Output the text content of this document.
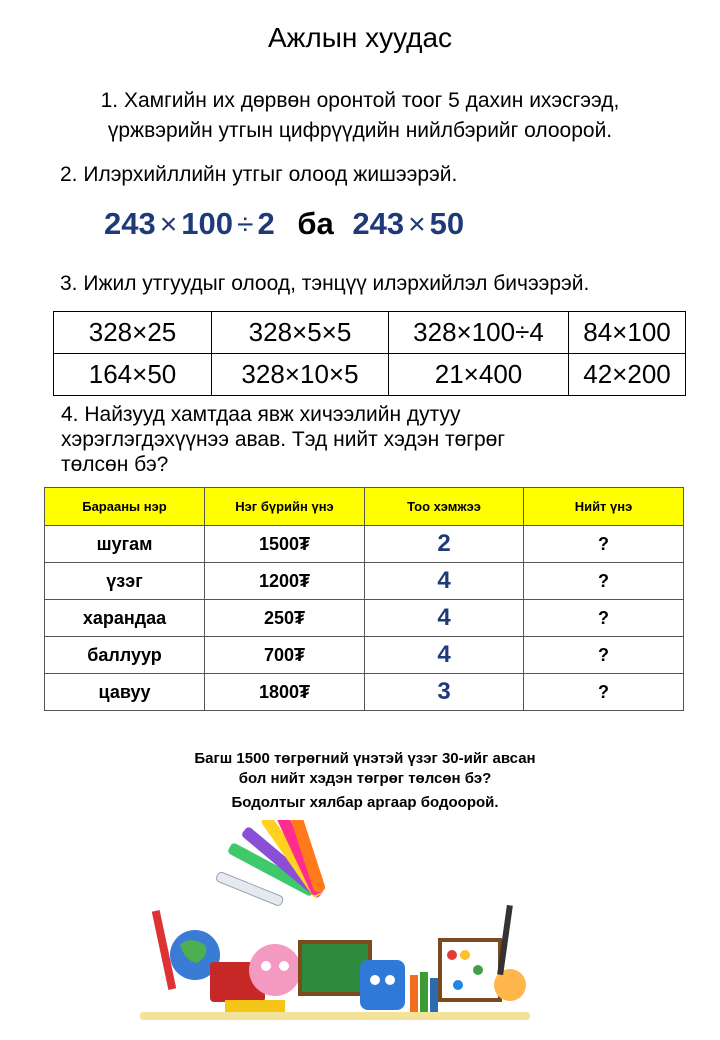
Ажлын хуудас
1. Хамгийн их дөрвөн оронтой тоог 5 дахин ихэсгээд,
үржвэрийн утгын цифрүүдийн нийлбэрийг олоорой.
2. Илэрхийллийн утгыг олоод жишээрэй.
243 × 100 ÷ 2 ба 243 × 50
3. Ижил утгуудыг олоод, тэнцүү илэрхийлэл бичээрэй.
328×25	328×5×5	328×100÷4	84×100
164×50	328×10×5	21×400	42×200
4. Найзууд хамтдаа явж хичээлийн дутуу
хэрэглэгдэхүүнээ авав. Тэд нийт хэдэн төгрөг
төлсөн бэ?
Барааны нэр	Нэг бүрийн үнэ	Тоо хэмжээ	Нийт үнэ
шугам	1500₮	2	?
үзэг	1200₮	4	?
харандаа	250₮	4	?
баллуур	700₮	4	?
цавуу	1800₮	3	?
Багш 1500 төгрөгний үнэтэй үзэг 30-ийг авсан
бол нийт хэдэн төгрөг төлсөн бэ?
Бодолтыг хялбар аргаар бодоорой.
